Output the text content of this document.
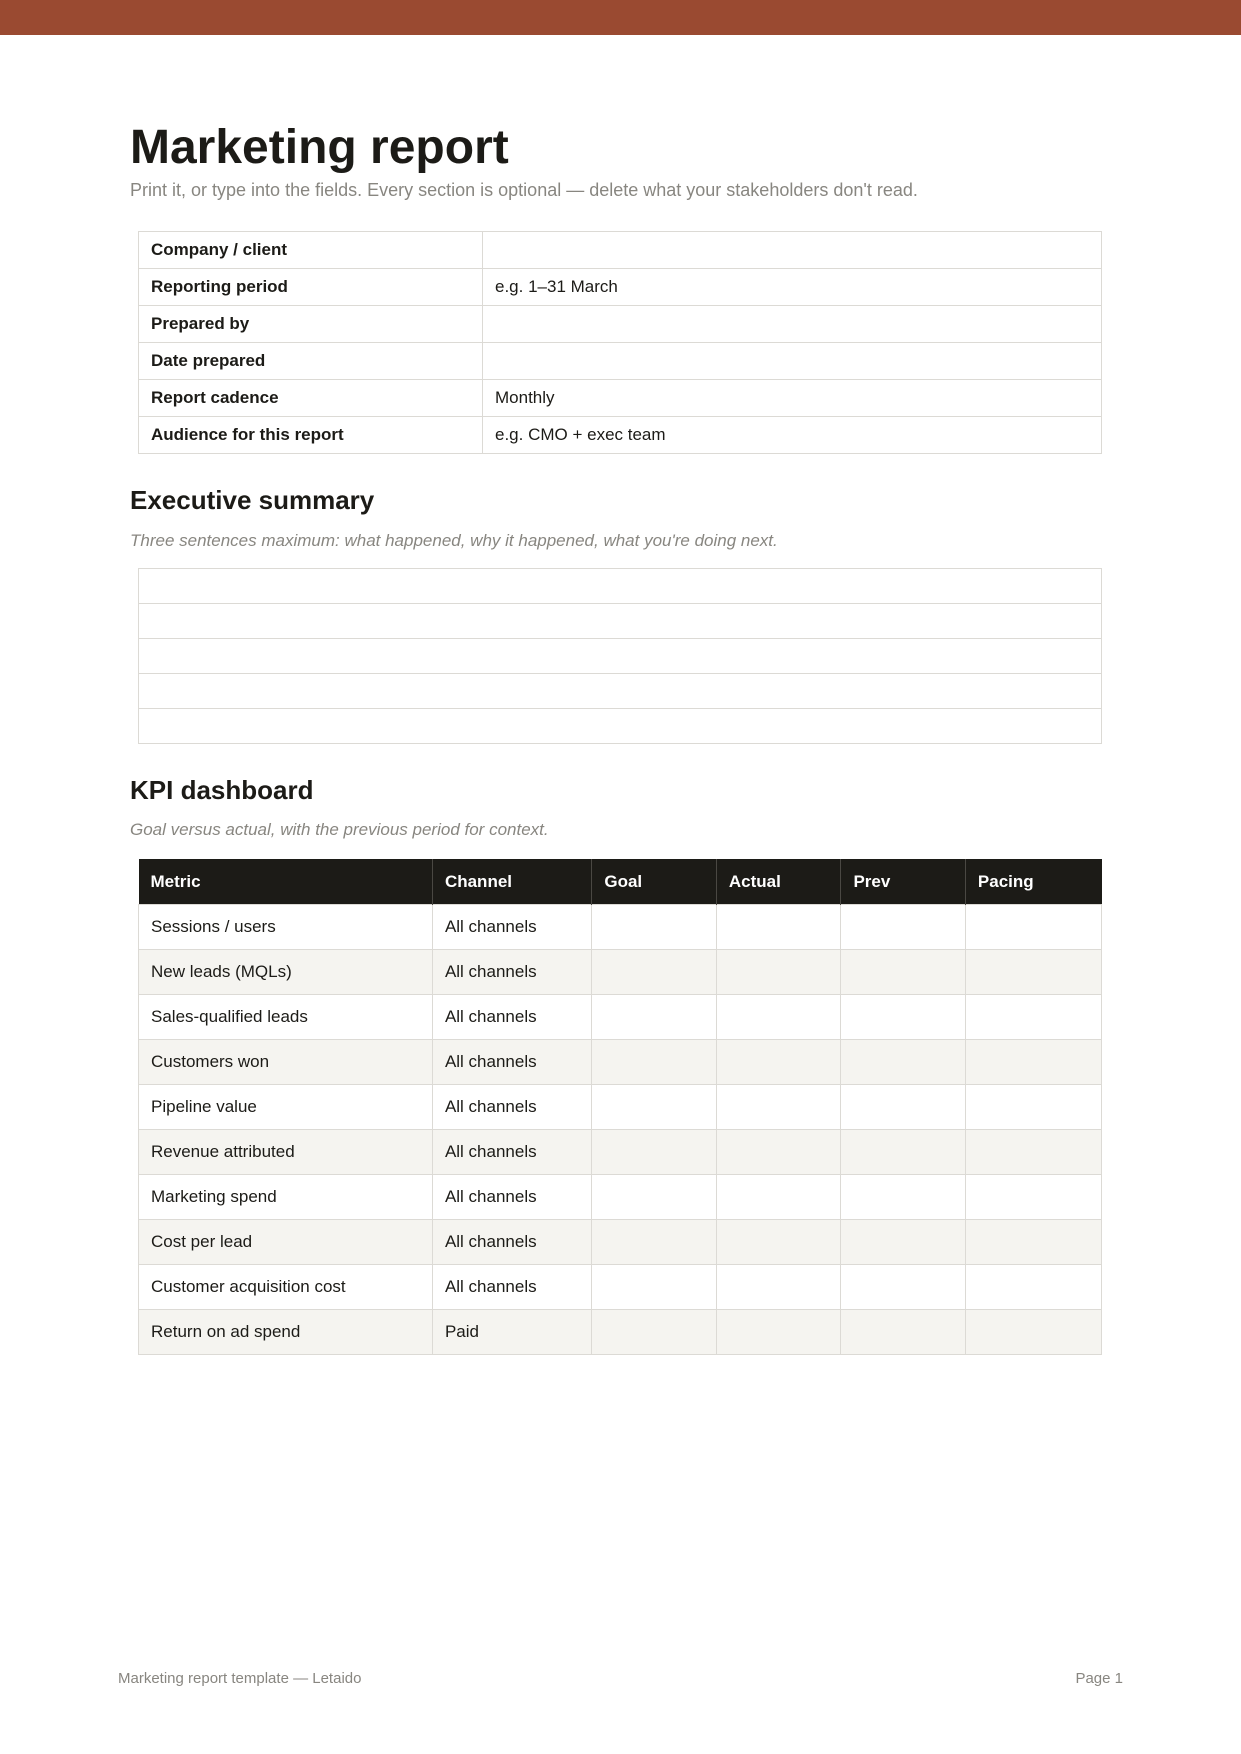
Marketing report

Print it, or type into the fields. Every section is optional — delete what your stakeholders don't read.

Company / client	
Reporting period	e.g. 1–31 March
Prepared by	
Date prepared	
Report cadence	Monthly
Audience for this report	e.g. CMO + exec team
Executive summary

Three sentences maximum: what happened, why it happened, what you're doing next.

KPI dashboard

Goal versus actual, with the previous period for context.

Metric	Channel	Goal	Actual	Prev	Pacing
Sessions / users	All channels				
New leads (MQLs)	All channels				
Sales-qualified leads	All channels				
Customers won	All channels				
Pipeline value	All channels				
Revenue attributed	All channels				
Marketing spend	All channels				
Cost per lead	All channels				
Customer acquisition cost	All channels				
Return on ad spend	Paid				
Marketing report template — Letaido	Page 1
